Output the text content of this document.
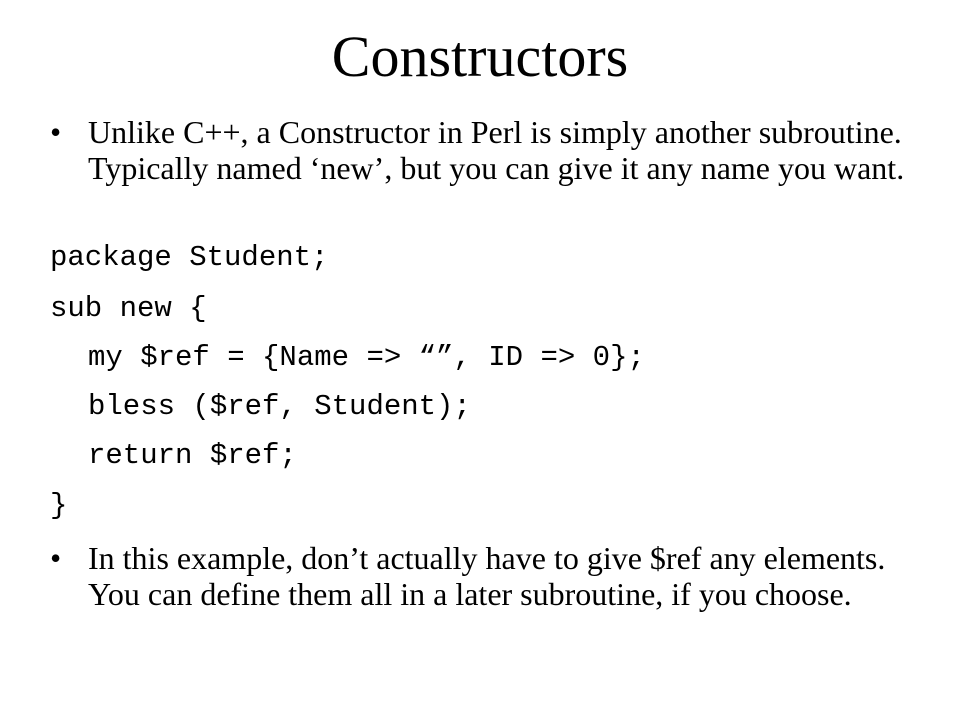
Constructors
• Unlike C++, a Constructor in Perl is simply another subroutine. Typically named ‘new’, but you can give it any name you want.
package Student;
sub new {
my $ref = {Name => “”, ID => 0};
bless ($ref, Student);
return $ref;
}
• In this example, don’t actually have to give $ref any elements. You can define them all in a later subroutine, if you choose.
